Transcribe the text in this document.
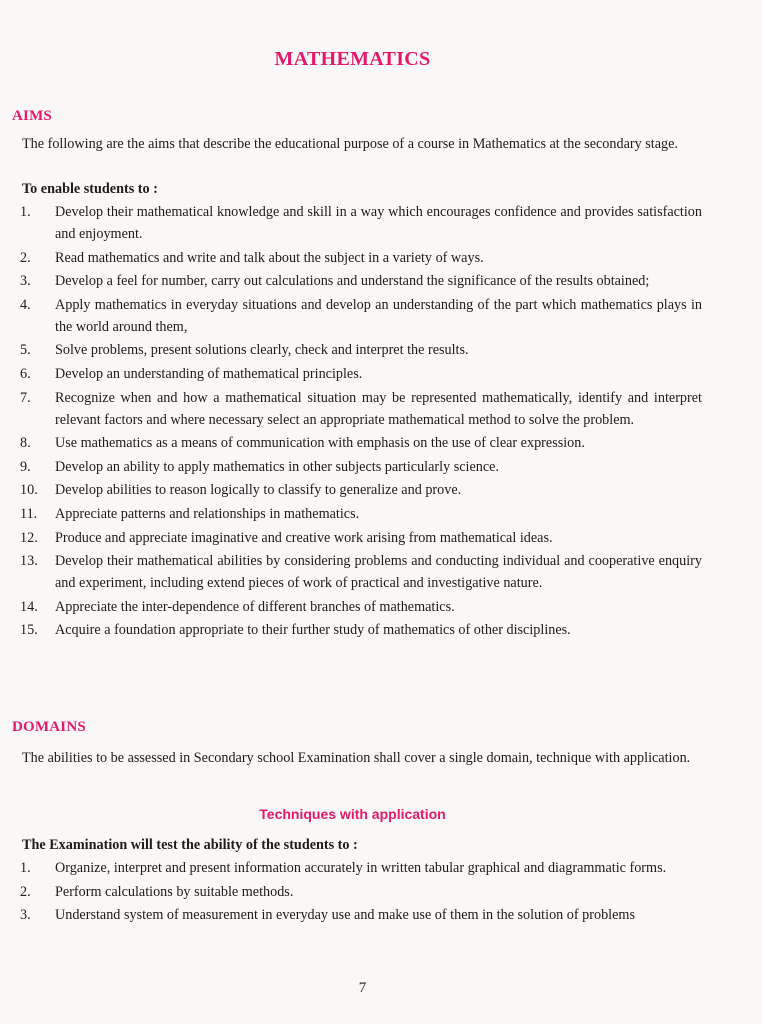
MATHEMATICS
AIMS
The following are the aims that describe the educational purpose of a course in Mathematics at the secondary stage.
To enable students to :
1. Develop their mathematical knowledge and skill in a way which encourages confidence and provides satisfaction and enjoyment.
2. Read mathematics and write and talk about the subject in a variety of ways.
3. Develop a feel for number, carry out calculations and understand the significance of the results obtained;
4. Apply mathematics in everyday situations and develop an understanding of the part which mathematics plays in the world around them,
5. Solve problems, present solutions clearly, check and interpret the results.
6. Develop an understanding of mathematical principles.
7. Recognize when and how a mathematical situation may be represented mathematically, identify and interpret relevant factors and where necessary select an appropriate mathematical method to solve the problem.
8. Use mathematics as a means of communication with emphasis on the use of clear expression.
9. Develop an ability to apply mathematics in other subjects particularly science.
10. Develop abilities to reason logically to classify to generalize and prove.
11. Appreciate patterns and relationships in mathematics.
12. Produce and appreciate imaginative and creative work arising from mathematical ideas.
13. Develop their mathematical abilities by considering problems and conducting individual and cooperative enquiry and experiment, including extend pieces of work of practical and investigative nature.
14. Appreciate the inter-dependence of different branches of mathematics.
15. Acquire a foundation appropriate to their further study of mathematics of other disciplines.
DOMAINS
The abilities to be assessed in Secondary school Examination shall cover a single domain, technique with application.
Techniques with application
The Examination will test the ability of the students to :
1. Organize, interpret and present information accurately in written tabular graphical and diagrammatic forms.
2. Perform calculations by suitable methods.
3. Understand system of measurement in everyday use and make use of them in the solution of problems
7
